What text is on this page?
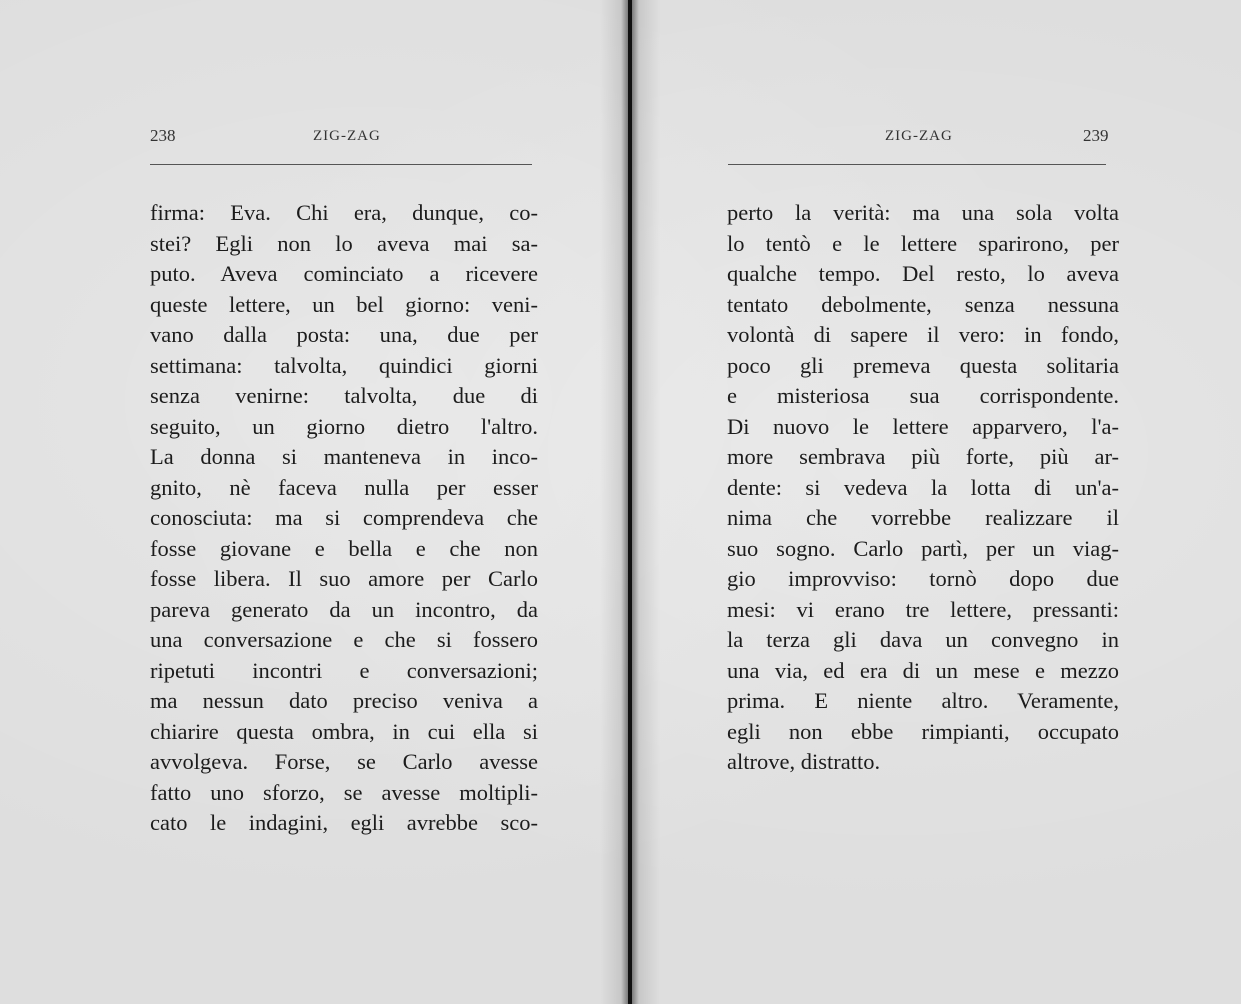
238	ZIG-ZAG
firma: Eva. Chi era, dunque, co-
stei? Egli non lo aveva mai sa-
puto. Aveva cominciato a ricevere
queste lettere, un bel giorno: veni-
vano dalla posta: una, due per
settimana: talvolta, quindici giorni
senza venirne: talvolta, due di
seguito, un giorno dietro l'altro.
La donna si manteneva in inco-
gnito, nè faceva nulla per esser
conosciuta: ma si comprendeva che
fosse giovane e bella e che non
fosse libera. Il suo amore per Carlo
pareva generato da un incontro, da
una conversazione e che si fossero
ripetuti incontri e conversazioni;
ma nessun dato preciso veniva a
chiarire questa ombra, in cui ella si
avvolgeva. Forse, se Carlo avesse
fatto uno sforzo, se avesse moltipli-
cato le indagini, egli avrebbe sco-
ZIG-ZAG	239
perto la verità: ma una sola volta
lo tentò e le lettere sparirono, per
qualche tempo. Del resto, lo aveva
tentato debolmente, senza nessuna
volontà di sapere il vero: in fondo,
poco gli premeva questa solitaria
e misteriosa sua corrispondente.
Di nuovo le lettere apparvero, l'a-
more sembrava più forte, più ar-
dente: si vedeva la lotta di un'a-
nima che vorrebbe realizzare il
suo sogno. Carlo partì, per un viag-
gio improvviso: tornò dopo due
mesi: vi erano tre lettere, pressanti:
la terza gli dava un convegno in
una via, ed era di un mese e mezzo
prima. E niente altro. Veramente,
egli non ebbe rimpianti, occupato
altrove, distratto.
